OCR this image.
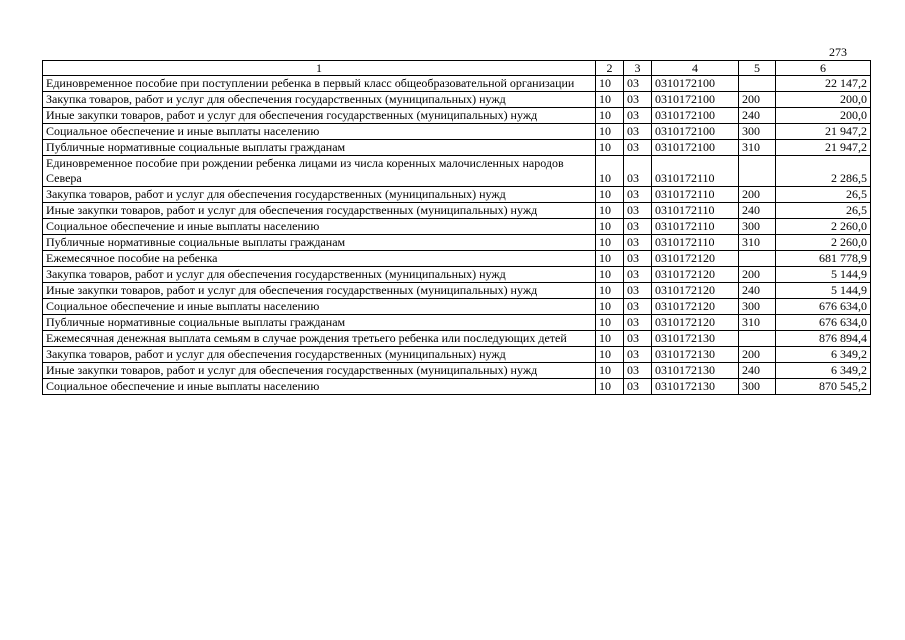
273
1	2	3	4	5	6
Единовременное пособие при поступлении ребенка в первый класс общеобразовательной организации	10	03	0310172100		22 147,2
Закупка товаров, работ и услуг для обеспечения государственных (муниципальных) нужд	10	03	0310172100	200	200,0
Иные закупки товаров, работ и услуг для обеспечения государственных (муниципальных) нужд	10	03	0310172100	240	200,0
Социальное обеспечение и иные выплаты населению	10	03	0310172100	300	21 947,2
Публичные нормативные социальные выплаты гражданам	10	03	0310172100	310	21 947,2
Единовременное пособие при рождении ребенка лицами из числа коренных малочисленных народов Севера	10	03	0310172110		2 286,5
Закупка товаров, работ и услуг для обеспечения государственных (муниципальных) нужд	10	03	0310172110	200	26,5
Иные закупки товаров, работ и услуг для обеспечения государственных (муниципальных) нужд	10	03	0310172110	240	26,5
Социальное обеспечение и иные выплаты населению	10	03	0310172110	300	2 260,0
Публичные нормативные социальные выплаты гражданам	10	03	0310172110	310	2 260,0
Ежемесячное пособие на ребенка	10	03	0310172120		681 778,9
Закупка товаров, работ и услуг для обеспечения государственных (муниципальных) нужд	10	03	0310172120	200	5 144,9
Иные закупки товаров, работ и услуг для обеспечения государственных (муниципальных) нужд	10	03	0310172120	240	5 144,9
Социальное обеспечение и иные выплаты населению	10	03	0310172120	300	676 634,0
Публичные нормативные социальные выплаты гражданам	10	03	0310172120	310	676 634,0
Ежемесячная денежная выплата семьям в случае рождения третьего ребенка или последующих детей	10	03	0310172130		876 894,4
Закупка товаров, работ и услуг для обеспечения государственных (муниципальных) нужд	10	03	0310172130	200	6 349,2
Иные закупки товаров, работ и услуг для обеспечения государственных (муниципальных) нужд	10	03	0310172130	240	6 349,2
Социальное обеспечение и иные выплаты населению	10	03	0310172130	300	870 545,2
